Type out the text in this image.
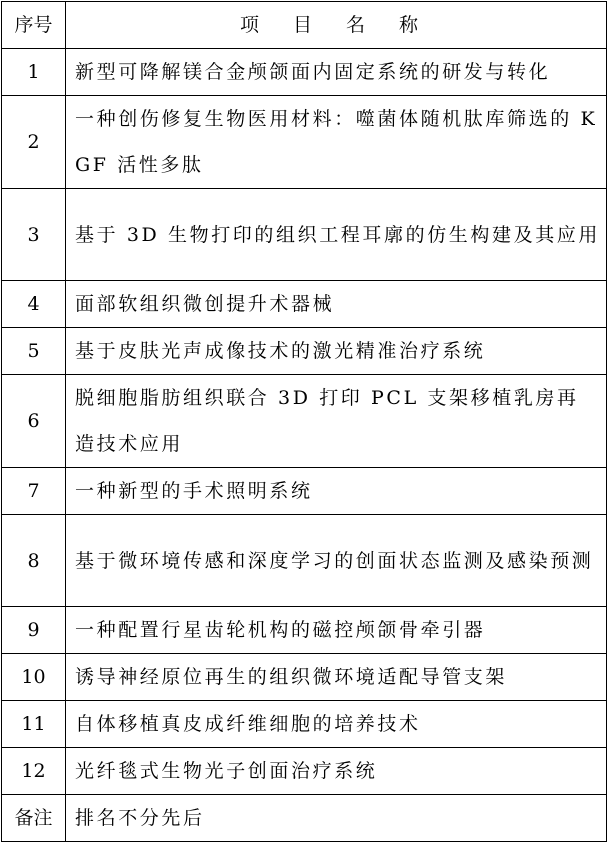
序号	项 目 名 称
1	新型可降解镁合金颅颌面内固定系统的研发与转化
2	一种创伤修复生物医用材料：噬菌体随机肽库筛选的 KGF 活性多肽
3	基于 3D 生物打印的组织工程耳廓的仿生构建及其应用
4	面部软组织微创提升术器械
5	基于皮肤光声成像技术的激光精准治疗系统
6	脱细胞脂肪组织联合 3D 打印 PCL 支架移植乳房再造技术应用
7	一种新型的手术照明系统
8	基于微环境传感和深度学习的创面状态监测及感染预测
9	一种配置行星齿轮机构的磁控颅颌骨牵引器
10	诱导神经原位再生的组织微环境适配导管支架
11	自体移植真皮成纤维细胞的培养技术
12	光纤毯式生物光子创面治疗系统
备注	排名不分先后
